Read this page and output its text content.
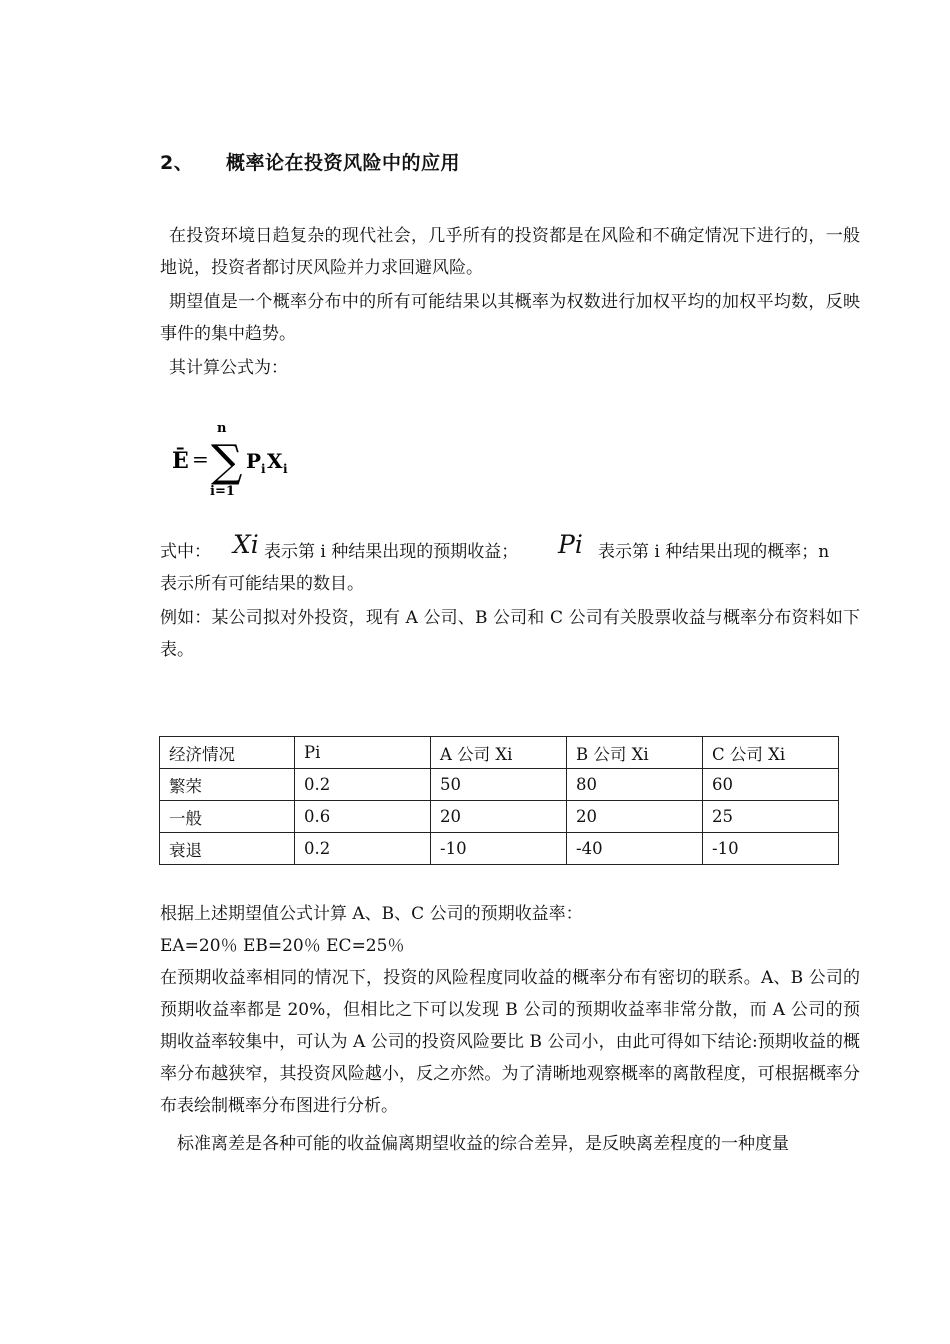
2、 概率论在投资风险中的应用

在投资环境日趋复杂的现代社会，几乎所有的投资都是在风险和不确定情况下进行的，一般地说，投资者都讨厌风险并力求回避风险。

期望值是一个概率分布中的所有可能结果以其概率为权数进行加权平均的加权平均数，反映事件的集中趋势。

其计算公式为：

Ē =
n
∑
i=1
P i X i
式中： Xi 表示第 i 种结果出现的预期收益； Pi 表示第 i 种结果出现的概率；n

表示所有可能结果的数目。

例如：某公司拟对外投资，现有 A 公司、B 公司和 C 公司有关股票收益与概率分布资料如下表。

经济情况	Pi	A 公司 Xi	B 公司 Xi	C 公司 Xi
繁荣	0.2	50	80	60
一般	0.6	20	20	25
衰退	0.2	-10	-40	-10

根据上述期望值公式计算 A、B、C 公司的预期收益率：

EA=20％ EB=20％ EC=25％

在预期收益率相同的情况下，投资的风险程度同收益的概率分布有密切的联系。A、B 公司的预期收益率都是 20%，但相比之下可以发现 B 公司的预期收益率非常分散，而 A 公司的预期收益率较集中，可认为 A 公司的投资风险要比 B 公司小，由此可得如下结论:预期收益的概率分布越狭窄，其投资风险越小，反之亦然。为了清晰地观察概率的离散程度，可根据概率分布表绘制概率分布图进行分析。

标准离差是各种可能的收益偏离期望收益的综合差异，是反映离差程度的一种度量
